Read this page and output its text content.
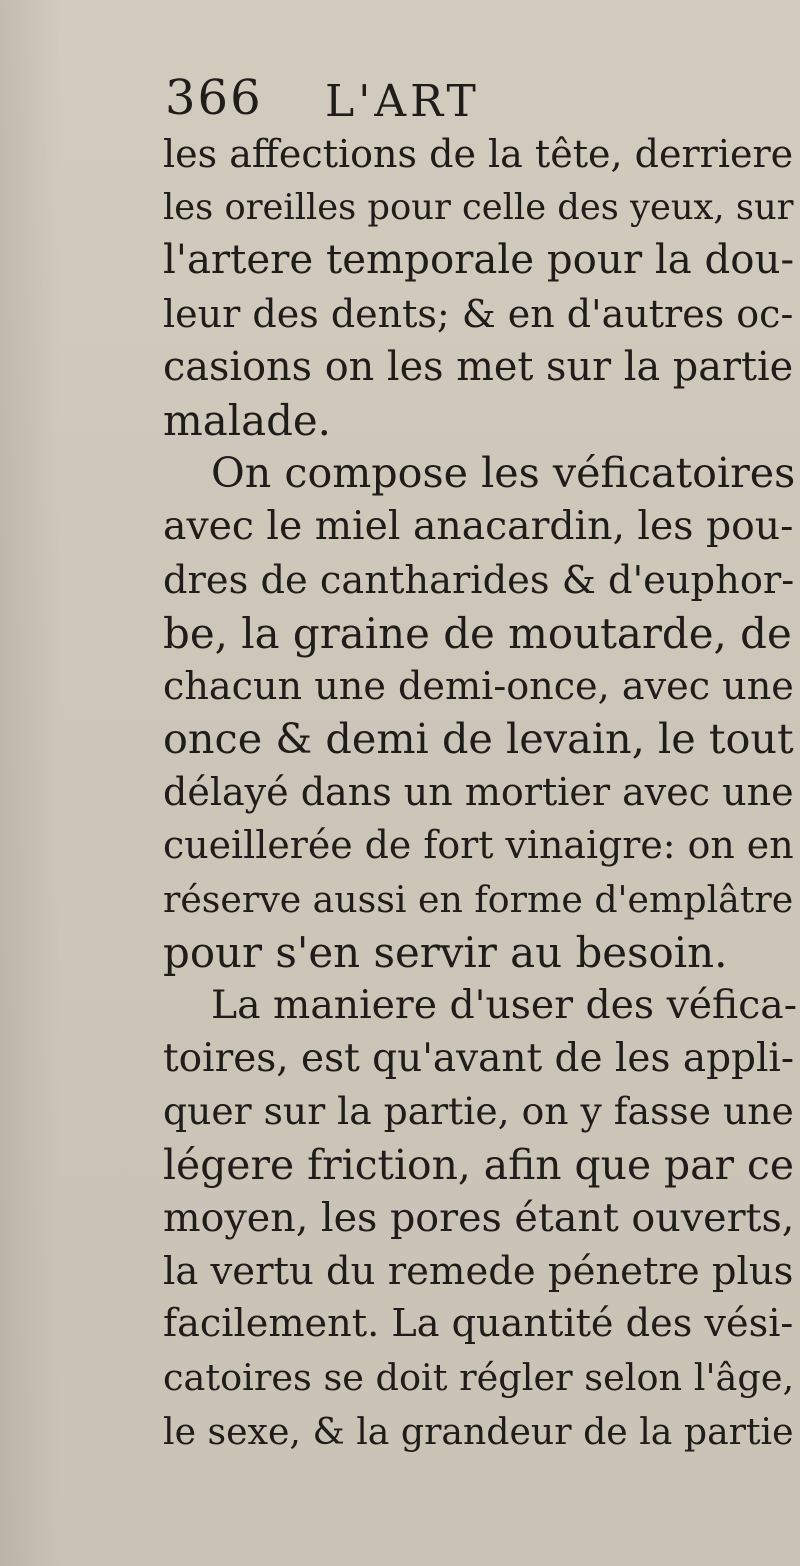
366 L'ART
les affections de la tête, derriere
les oreilles pour celle des yeux, sur
l'artere temporale pour la dou-
leur des dents; & en d'autres oc-
casions on les met sur la partie
malade.
On compose les véficatoires
avec le miel anacardin, les pou-
dres de cantharides & d'euphor-
be, la graine de moutarde, de
chacun une demi-once, avec une
once & demi de levain, le tout
délayé dans un mortier avec une
cueillerée de fort vinaigre: on en
réserve aussi en forme d'emplâtre
pour s'en servir au besoin.
La maniere d'user des véfica-
toires, est qu'avant de les appli-
quer sur la partie, on y fasse une
légere friction, afin que par ce
moyen, les pores étant ouverts,
la vertu du remede pénetre plus
facilement. La quantité des vési-
catoires se doit régler selon l'âge,
le sexe, & la grandeur de la partie
